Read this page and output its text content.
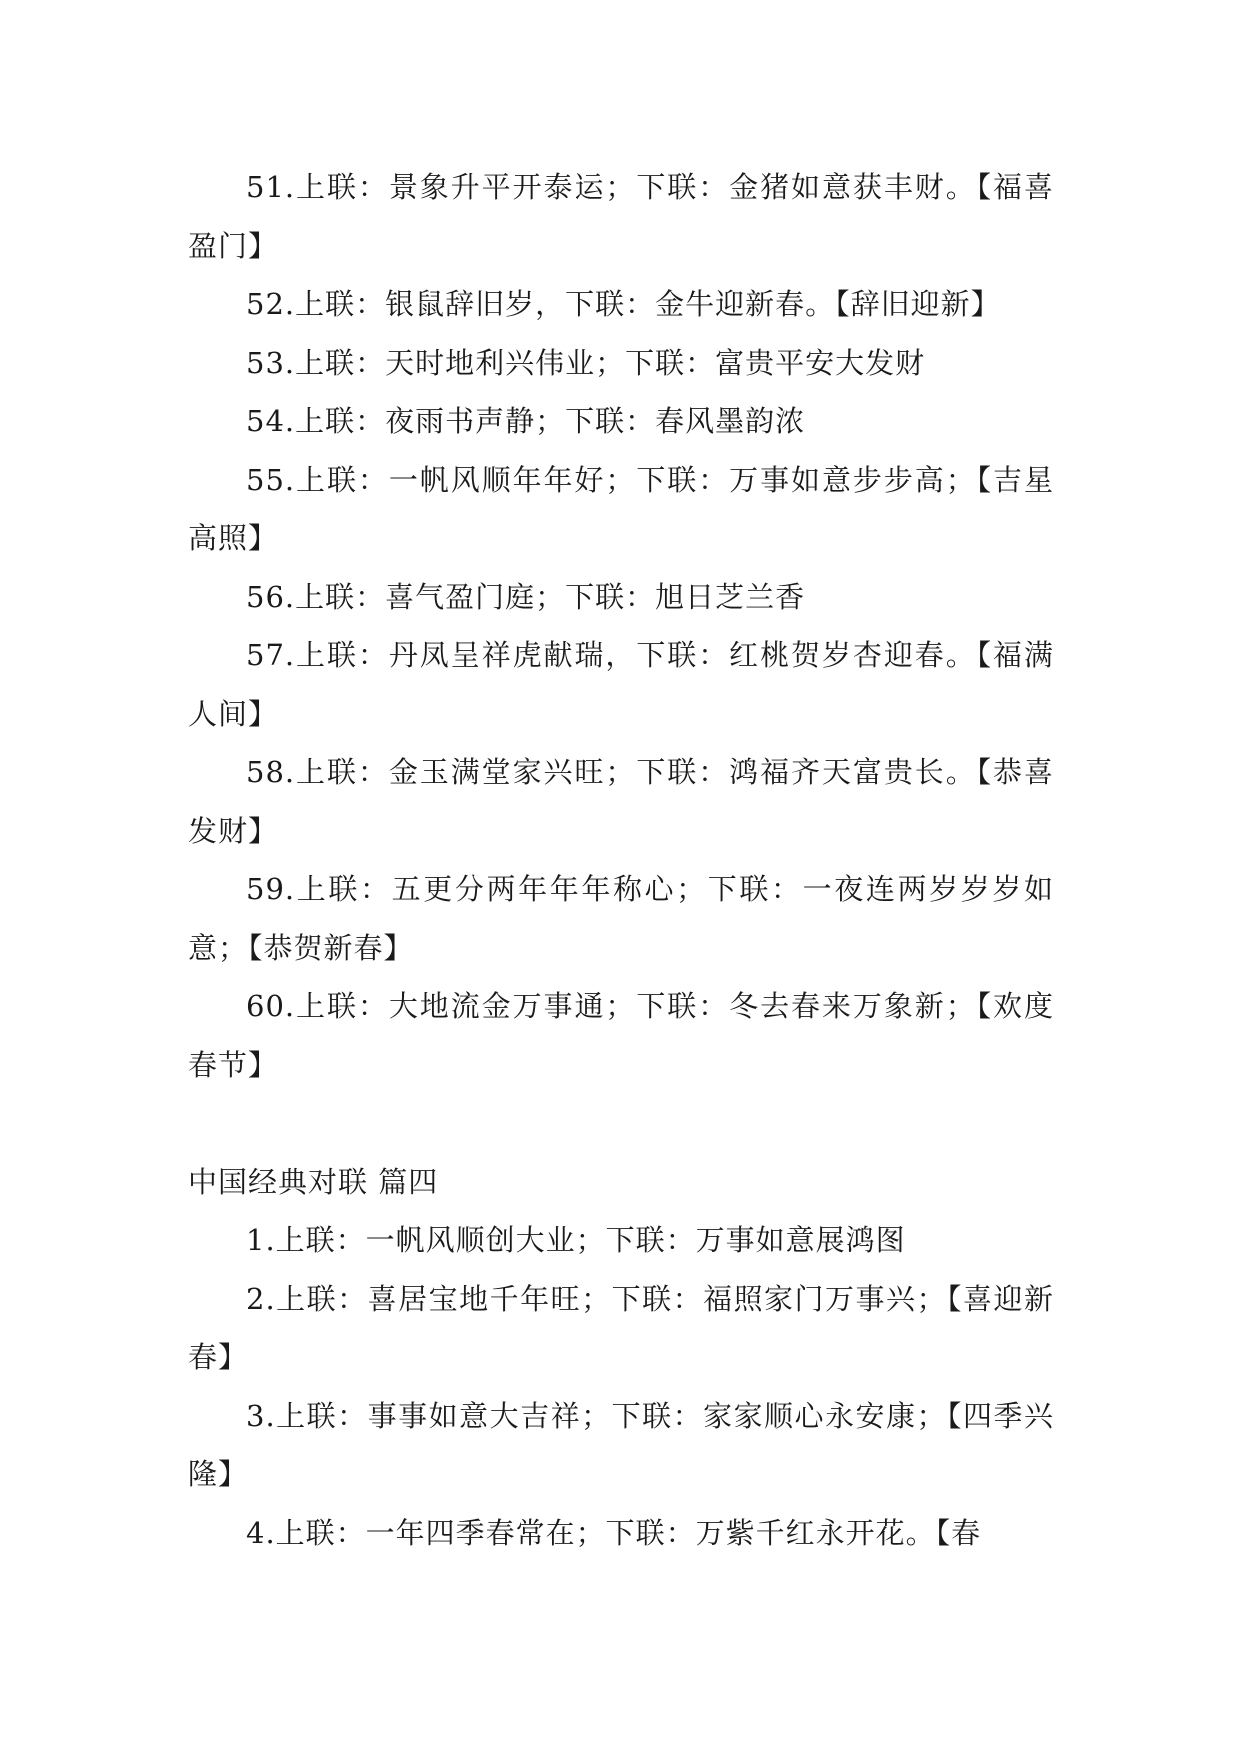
51.上联：景象升平开泰运；下联：金猪如意获丰财。【福喜盈门】

52.上联：银鼠辞旧岁，下联：金牛迎新春。【辞旧迎新】

53.上联：天时地利兴伟业；下联：富贵平安大发财

54.上联：夜雨书声静；下联：春风墨韵浓

55.上联：一帆风顺年年好；下联：万事如意步步高；【吉星高照】

56.上联：喜气盈门庭；下联：旭日芝兰香

57.上联：丹凤呈祥虎献瑞，下联：红桃贺岁杏迎春。【福满人间】

58.上联：金玉满堂家兴旺；下联：鸿福齐天富贵长。【恭喜发财】

59.上联：五更分两年年年称心；下联：一夜连两岁岁岁如意；【恭贺新春】

60.上联：大地流金万事通；下联：冬去春来万象新；【欢度春节】

中国经典对联 篇四

1.上联：一帆风顺创大业；下联：万事如意展鸿图

2.上联：喜居宝地千年旺；下联：福照家门万事兴；【喜迎新春】

3.上联：事事如意大吉祥；下联：家家顺心永安康；【四季兴隆】

4.上联：一年四季春常在；下联：万紫千红永开花。【春
